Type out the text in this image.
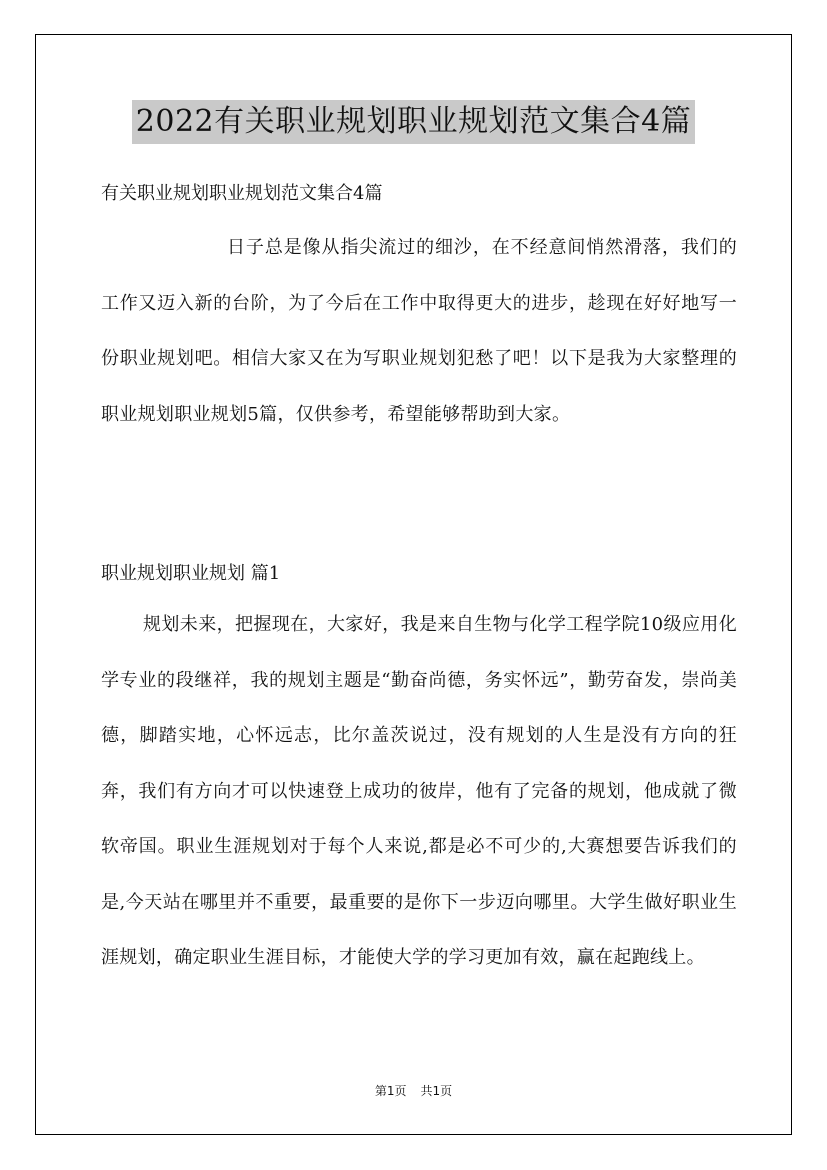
2022有关职业规划职业规划范文集合4篇
有关职业规划职业规划范文集合4篇

日子总是像从指尖流过的细沙，在不经意间悄然滑落，我们的工作又迈入新的台阶，为了今后在工作中取得更大的进步，趁现在好好地写一份职业规划吧。相信大家又在为写职业规划犯愁了吧！以下是我为大家整理的职业规划职业规划5篇，仅供参考，希望能够帮助到大家。

职业规划职业规划 篇1

规划未来，把握现在，大家好，我是来自生物与化学工程学院10级应用化学专业的段继祥，我的规划主题是“勤奋尚德，务实怀远”，勤劳奋发，崇尚美德，脚踏实地，心怀远志，比尔盖茨说过，没有规划的人生是没有方向的狂奔，我们有方向才可以快速登上成功的彼岸，他有了完备的规划，他成就了微软帝国。职业生涯规划对于每个人来说,都是必不可少的,大赛想要告诉我们的是,今天站在哪里并不重要，最重要的是你下一步迈向哪里。大学生做好职业生涯规划，确定职业生涯目标，才能使大学的学习更加有效，赢在起跑线上。

第1页 共1页
